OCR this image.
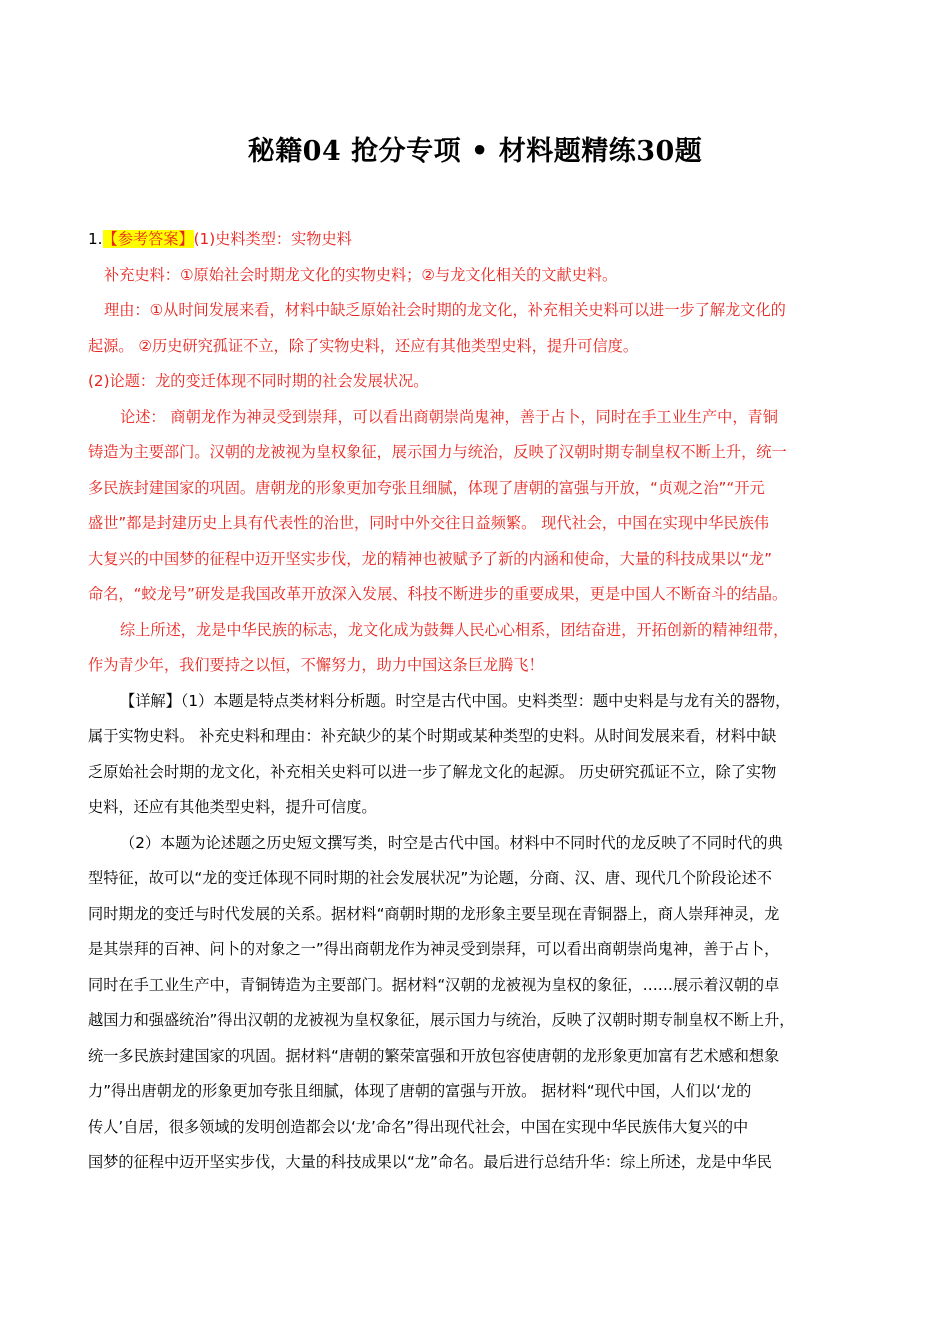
秘籍04 抢分专项 • 材料题精练30题
1.【参考答案】(1)史料类型：实物史料
补充史料：①原始社会时期龙文化的实物史料；②与龙文化相关的文献史料。
理由：①从时间发展来看，材料中缺乏原始社会时期的龙文化，补充相关史料可以进一步了解龙文化的
起源。 ②历史研究孤证不立，除了实物史料，还应有其他类型史料，提升可信度。
(2)论题：龙的变迁体现不同时期的社会发展状况。
论述： 商朝龙作为神灵受到崇拜，可以看出商朝崇尚鬼神，善于占卜，同时在手工业生产中，青铜
铸造为主要部门。汉朝的龙被视为皇权象征，展示国力与统治，反映了汉朝时期专制皇权不断上升，统一
多民族封建国家的巩固。唐朝龙的形象更加夸张且细腻，体现了唐朝的富强与开放，“贞观之治”“开元
盛世”都是封建历史上具有代表性的治世，同时中外交往日益频繁。 现代社会，中国在实现中华民族伟
大复兴的中国梦的征程中迈开坚实步伐，龙的精神也被赋予了新的内涵和使命，大量的科技成果以“龙”
命名，“蛟龙号”研发是我国改革开放深入发展、科技不断进步的重要成果，更是中国人不断奋斗的结晶。
综上所述，龙是中华民族的标志，龙文化成为鼓舞人民心心相系，团结奋进，开拓创新的精神纽带，
作为青少年，我们要持之以恒，不懈努力，助力中国这条巨龙腾飞！
【详解】（1）本题是特点类材料分析题。时空是古代中国。史料类型：题中史料是与龙有关的器物，
属于实物史料。 补充史料和理由：补充缺少的某个时期或某种类型的史料。从时间发展来看，材料中缺
乏原始社会时期的龙文化，补充相关史料可以进一步了解龙文化的起源。 历史研究孤证不立，除了实物
史料，还应有其他类型史料，提升可信度。
（2）本题为论述题之历史短文撰写类，时空是古代中国。材料中不同时代的龙反映了不同时代的典
型特征，故可以“龙的变迁体现不同时期的社会发展状况”为论题，分商、汉、唐、现代几个阶段论述不
同时期龙的变迁与时代发展的关系。据材料“商朝时期的龙形象主要呈现在青铜器上，商人崇拜神灵，龙
是其崇拜的百神、问卜的对象之一”得出商朝龙作为神灵受到崇拜，可以看出商朝崇尚鬼神，善于占卜，
同时在手工业生产中，青铜铸造为主要部门。据材料“汉朝的龙被视为皇权的象征，……展示着汉朝的卓
越国力和强盛统治”得出汉朝的龙被视为皇权象征，展示国力与统治，反映了汉朝时期专制皇权不断上升，
统一多民族封建国家的巩固。据材料“唐朝的繁荣富强和开放包容使唐朝的龙形象更加富有艺术感和想象
力”得出唐朝龙的形象更加夸张且细腻，体现了唐朝的富强与开放。 据材料“现代中国，人们以‘龙的
传人’自居，很多领域的发明创造都会以‘龙’命名”得出现代社会，中国在实现中华民族伟大复兴的中
国梦的征程中迈开坚实步伐，大量的科技成果以“龙”命名。最后进行总结升华：综上所述，龙是中华民
